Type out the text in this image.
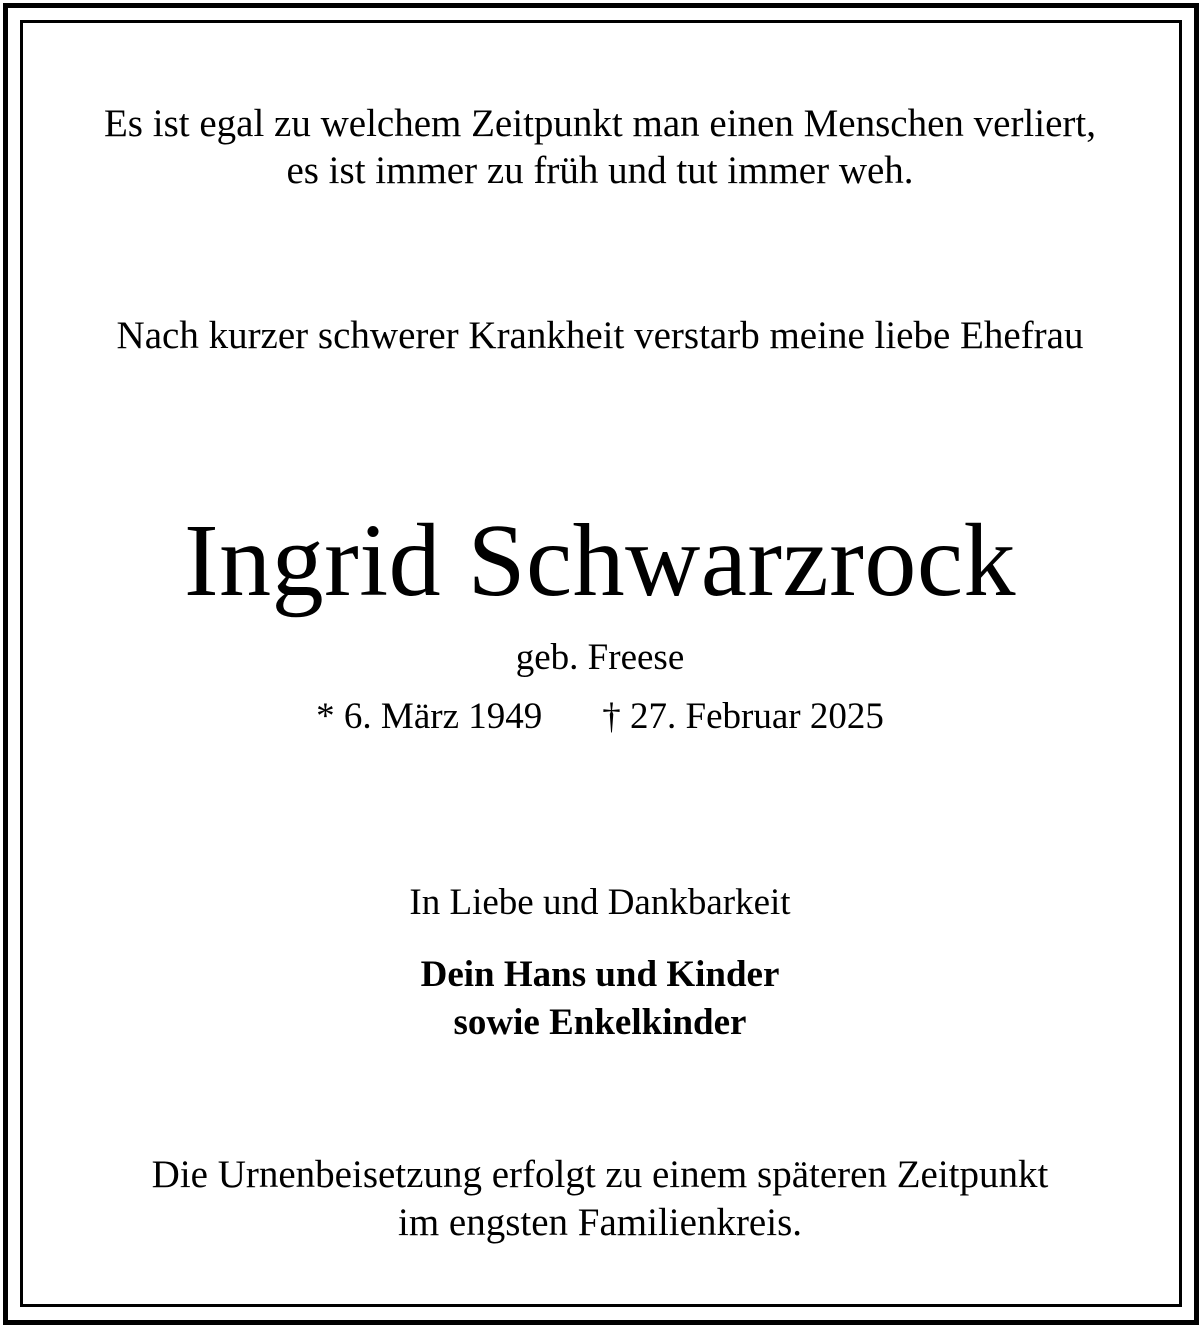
Es ist egal zu welchem Zeitpunkt man einen Menschen verliert,
es ist immer zu früh und tut immer weh.
Nach kurzer schwerer Krankheit verstarb meine liebe Ehefrau
Ingrid Schwarzrock
geb. Freese
* 6. März 1949 † 27. Februar 2025
In Liebe und Dankbarkeit
Dein Hans und Kinder
sowie Enkelkinder
Die Urnenbeisetzung erfolgt zu einem späteren Zeitpunkt
im engsten Familienkreis.
